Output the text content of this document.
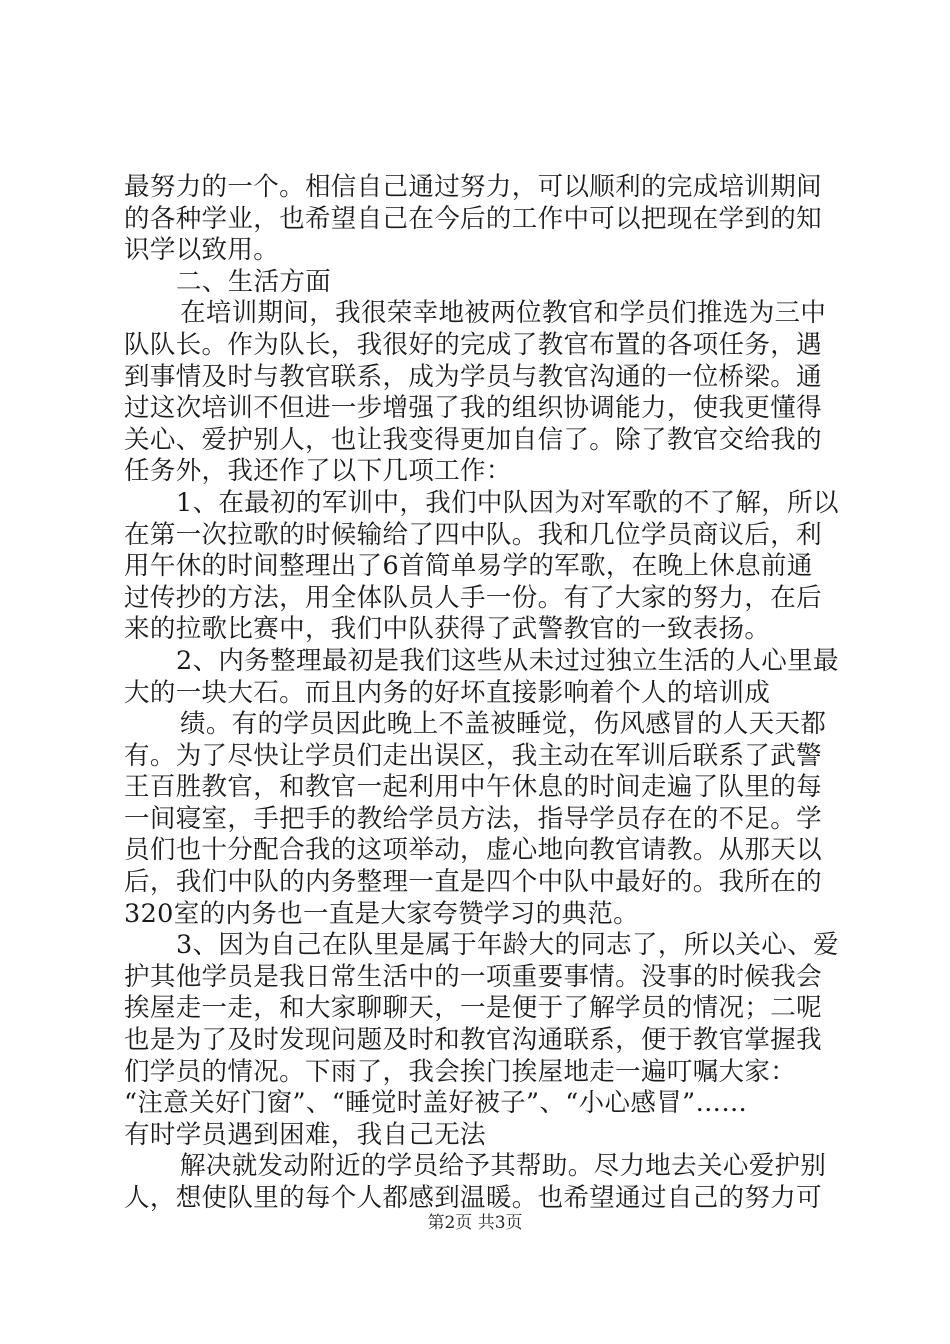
最努力的一个。相信自己通过努力，可以顺利的完成培训期间
的各种学业，也希望自己在今后的工作中可以把现在学到的知
识学以致用。
二、生活方面
在培训期间，我很荣幸地被两位教官和学员们推选为三中
队队长。作为队长，我很好的完成了教官布置的各项任务，遇
到事情及时与教官联系，成为学员与教官沟通的一位桥梁。通
过这次培训不但进一步增强了我的组织协调能力，使我更懂得
关心、爱护别人，也让我变得更加自信了。除了教官交给我的
任务外，我还作了以下几项工作：
1、在最初的军训中，我们中队因为对军歌的不了解，所以
在第一次拉歌的时候输给了四中队。我和几位学员商议后，利
用午休的时间整理出了6首简单易学的军歌，在晚上休息前通
过传抄的方法，用全体队员人手一份。有了大家的努力，在后
来的拉歌比赛中，我们中队获得了武警教官的一致表扬。
2、内务整理最初是我们这些从未过过独立生活的人心里最
大的一块大石。而且内务的好坏直接影响着个人的培训成
绩。有的学员因此晚上不盖被睡觉，伤风感冒的人天天都
有。为了尽快让学员们走出误区，我主动在军训后联系了武警
王百胜教官，和教官一起利用中午休息的时间走遍了队里的每
一间寝室，手把手的教给学员方法，指导学员存在的不足。学
员们也十分配合我的这项举动，虚心地向教官请教。从那天以
后，我们中队的内务整理一直是四个中队中最好的。我所在的
320室的内务也一直是大家夸赞学习的典范。
3、因为自己在队里是属于年龄大的同志了，所以关心、爱
护其他学员是我日常生活中的一项重要事情。没事的时候我会
挨屋走一走，和大家聊聊天，一是便于了解学员的情况；二呢
也是为了及时发现问题及时和教官沟通联系，便于教官掌握我
们学员的情况。下雨了，我会挨门挨屋地走一遍叮嘱大家：
“注意关好门窗”、“睡觉时盖好被子”、“小心感冒”……
有时学员遇到困难，我自己无法
解决就发动附近的学员给予其帮助。尽力地去关心爱护别
人，想使队里的每个人都感到温暖。也希望通过自己的努力可
第2页 共3页
